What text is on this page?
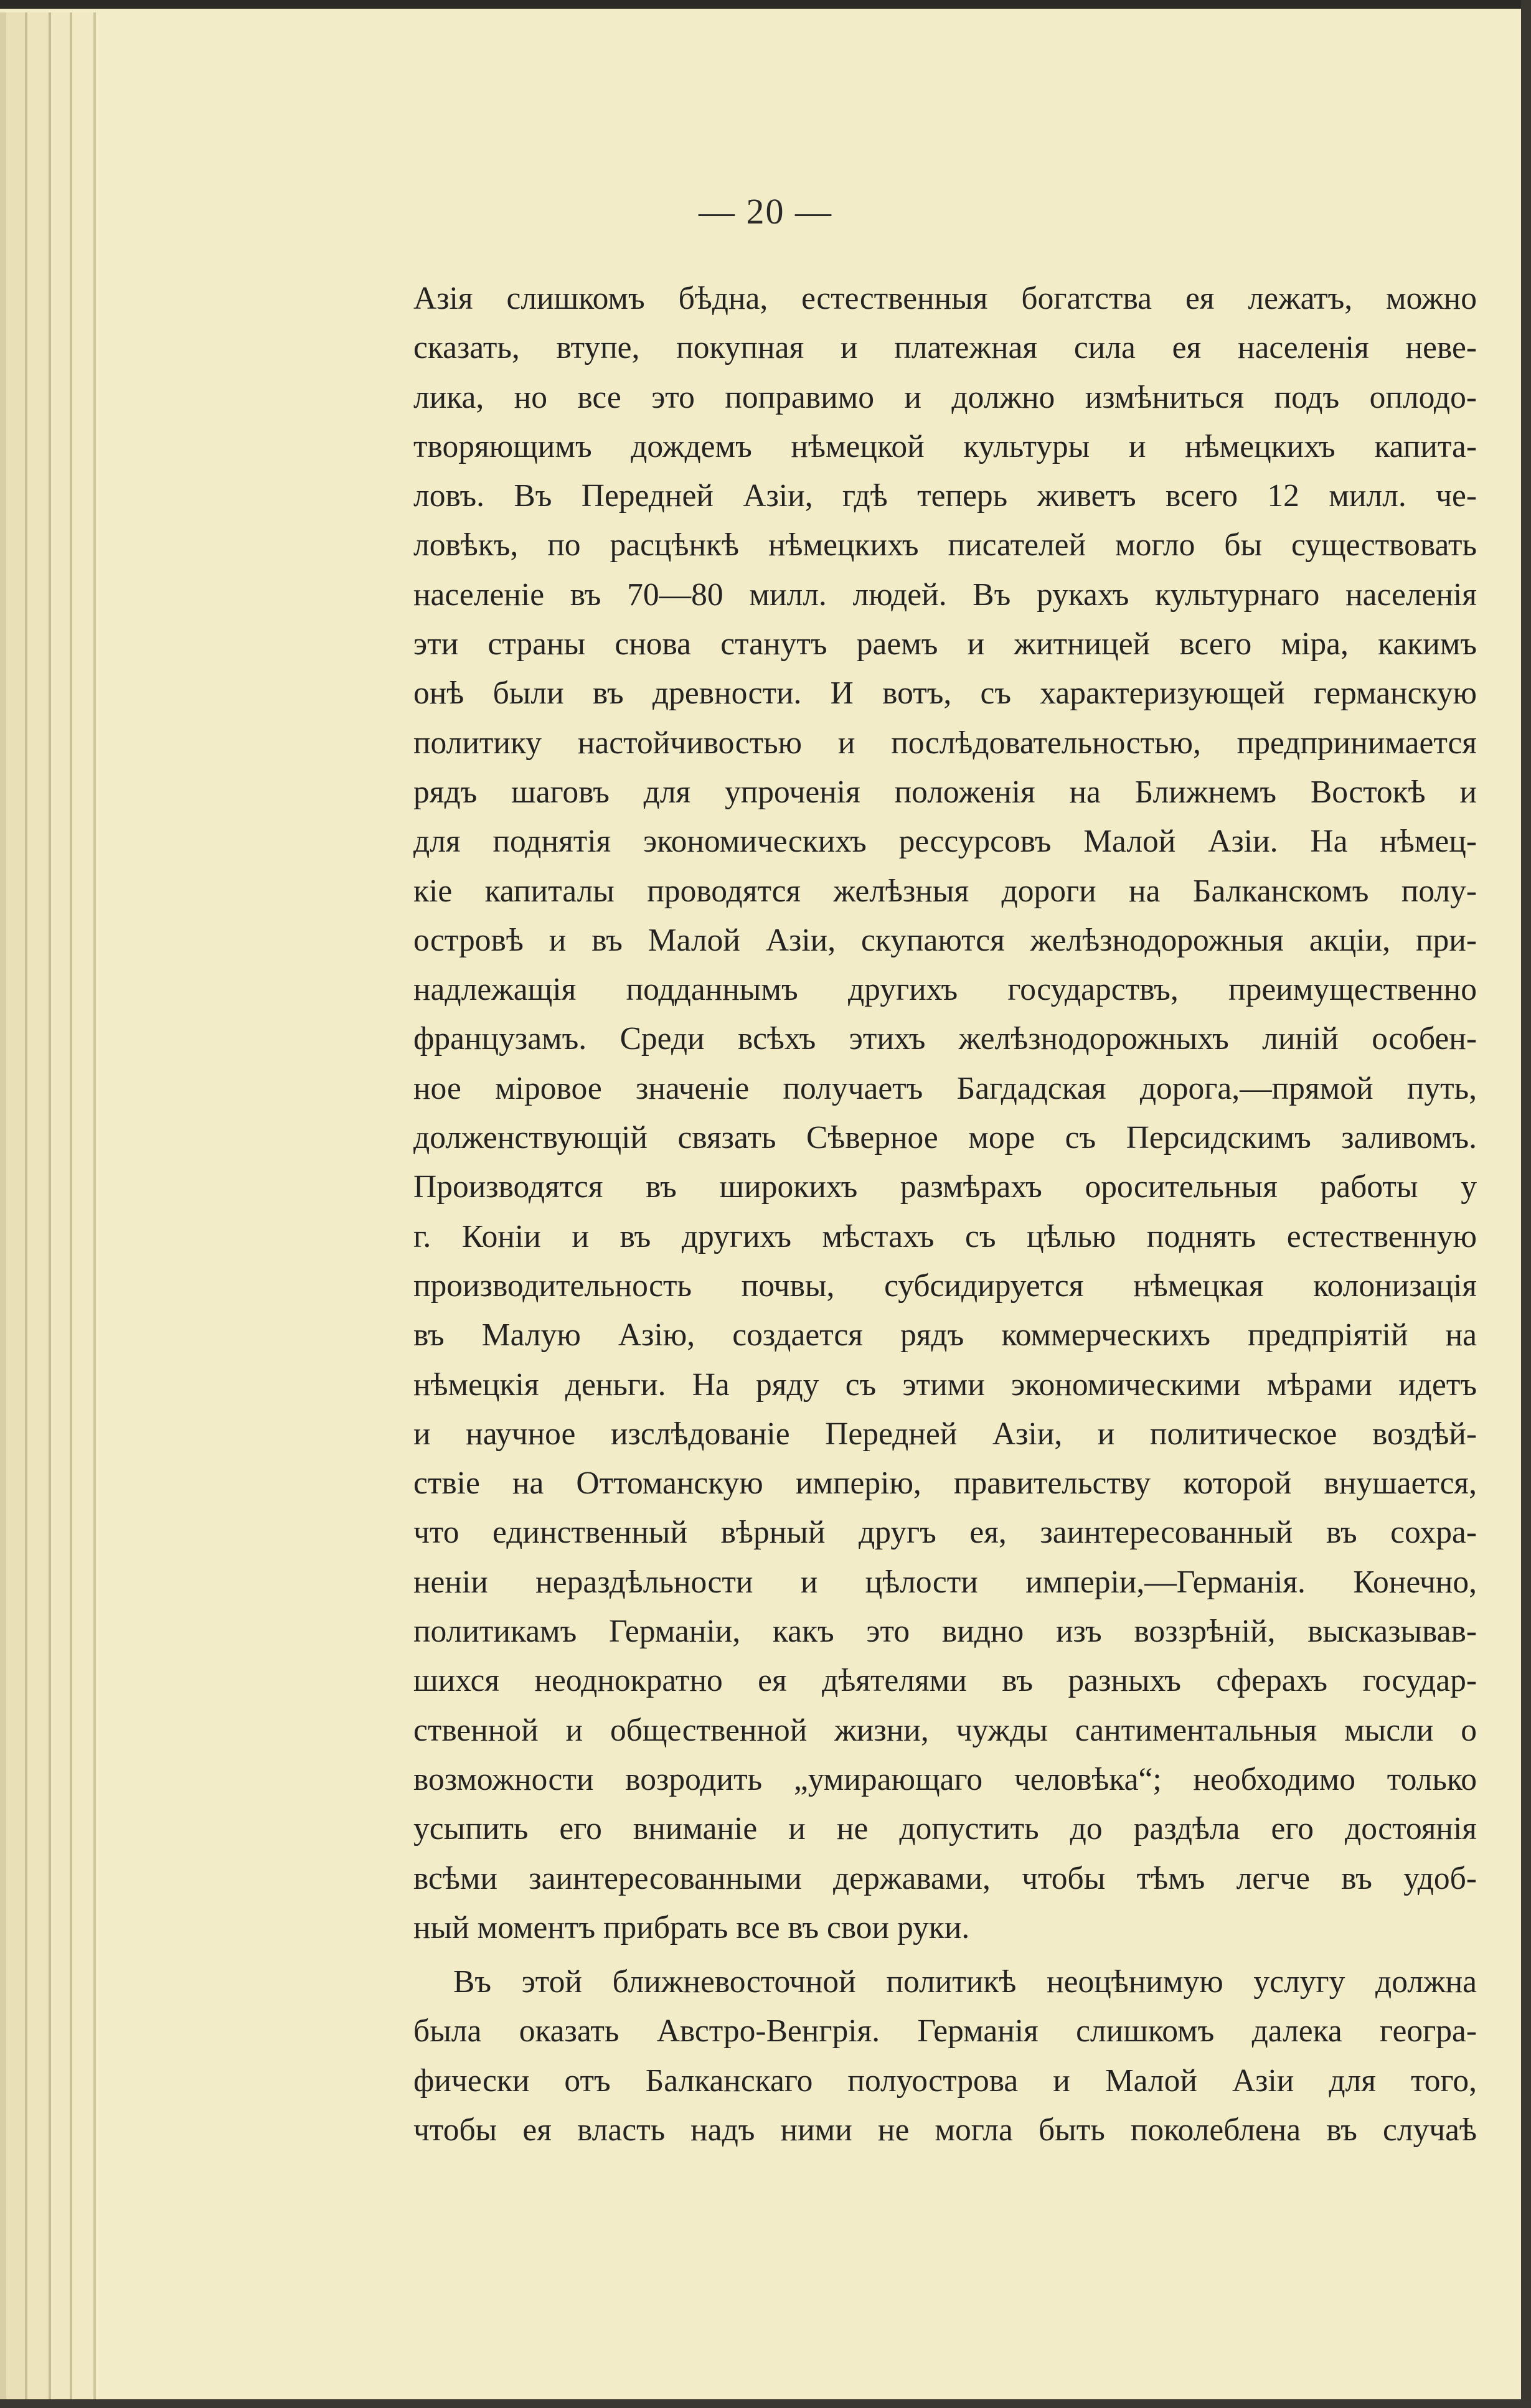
— 20 —
Азія слишкомъ бѣдна, естественныя богатства ея лежатъ, можно
сказать, втупе, покупная и платежная сила ея населенія неве-
лика, но все это поправимо и должно измѣниться подъ оплодо-
творяющимъ дождемъ нѣмецкой культуры и нѣмецкихъ капита-
ловъ. Въ Передней Азіи, гдѣ теперь живетъ всего 12 милл. че-
ловѣкъ, по расцѣнкѣ нѣмецкихъ писателей могло бы существовать
населеніе въ 70—80 милл. людей. Въ рукахъ культурнаго населенія
эти страны снова станутъ раемъ и житницей всего міра, какимъ
онѣ были въ древности. И вотъ, съ характеризующей германскую
политику настойчивостью и послѣдовательностью, предпринимается
рядъ шаговъ для упроченія положенія на Ближнемъ Востокѣ и
для поднятія экономическихъ рессурсовъ Малой Азіи. На нѣмец-
кіе капиталы проводятся желѣзныя дороги на Балканскомъ полу-
островѣ и въ Малой Азіи, скупаются желѣзнодорожныя акціи, при-
надлежащія подданнымъ другихъ государствъ, преимущественно
французамъ. Среди всѣхъ этихъ желѣзнодорожныхъ линій особен-
ное міровое значеніе получаетъ Багдадская дорога,—прямой путь,
долженствующій связать Сѣверное море съ Персидскимъ заливомъ.
Производятся въ широкихъ размѣрахъ оросительныя работы у
г. Коніи и въ другихъ мѣстахъ съ цѣлью поднять естественную
производительность почвы, субсидируется нѣмецкая колонизація
въ Малую Азію, создается рядъ коммерческихъ предпріятій на
нѣмецкія деньги. На ряду съ этими экономическими мѣрами идетъ
и научное изслѣдованіе Передней Азіи, и политическое воздѣй-
ствіе на Оттоманскую имперію, правительству которой внушается,
что единственный вѣрный другъ ея, заинтересованный въ сохра-
неніи нераздѣльности и цѣлости имперіи,—Германія. Конечно,
политикамъ Германіи, какъ это видно изъ воззрѣній, высказывав-
шихся неоднократно ея дѣятелями въ разныхъ сферахъ государ-
ственной и общественной жизни, чужды сантиментальныя мысли о
возможности возродить „умирающаго человѣка“; необходимо только
усыпить его вниманіе и не допустить до раздѣла его достоянія
всѣми заинтересованными державами, чтобы тѣмъ легче въ удоб-
ный моментъ прибрать все въ свои руки.
Въ этой ближневосточной политикѣ неоцѣнимую услугу должна
была оказать Австро-Венгрія. Германія слишкомъ далека геогра-
фически отъ Балканскаго полуострова и Малой Азіи для того,
чтобы ея власть надъ ними не могла быть поколеблена въ случаѣ
